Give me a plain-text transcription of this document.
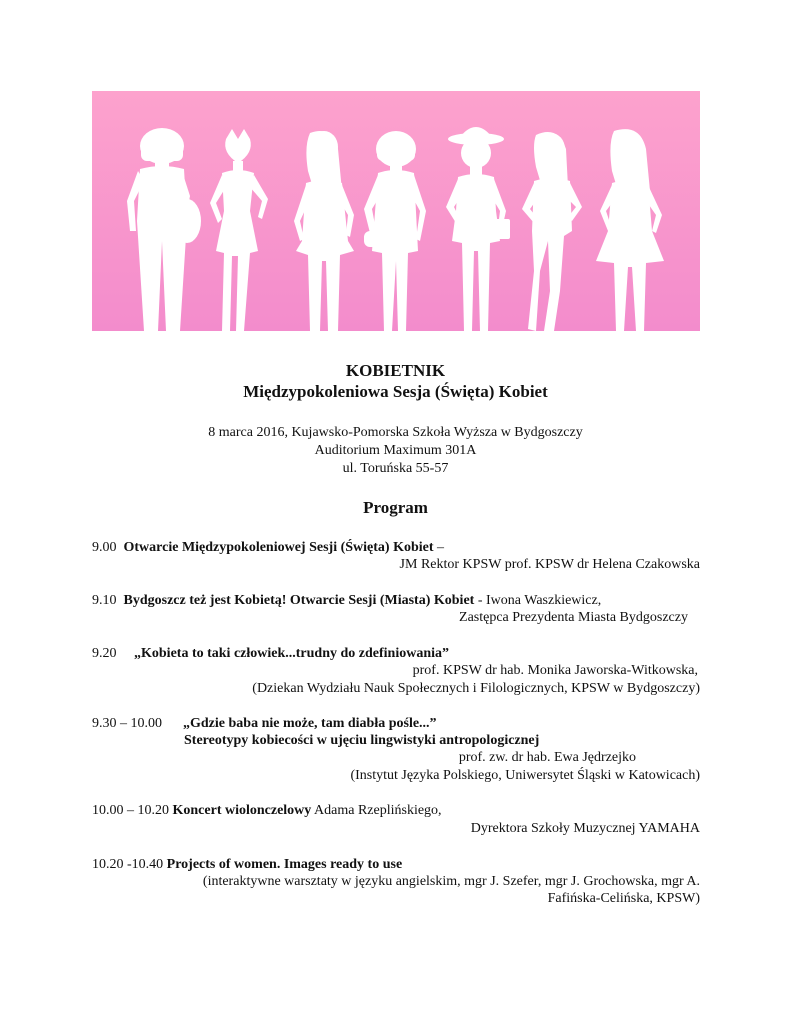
KOBIETNIK
Międzypokoleniowa Sesja (Święta) Kobiet
8 marca 2016, Kujawsko-Pomorska Szkoła Wyższa w Bydgoszczy
Auditorium Maximum 301A
ul. Toruńska 55-57
Program
9.00 Otwarcie Międzypokoleniowej Sesji (Święta) Kobiet –
JM Rektor KPSW prof. KPSW dr Helena Czakowska
9.10 Bydgoszcz też jest Kobietą! Otwarcie Sesji (Miasta) Kobiet - Iwona Waszkiewicz,
Zastępca Prezydenta Miasta Bydgoszczy
9.20 „Kobieta to taki człowiek...trudny do zdefiniowania”
prof. KPSW dr hab. Monika Jaworska-Witkowska,
(Dziekan Wydziału Nauk Społecznych i Filologicznych, KPSW w Bydgoszczy)
9.30 – 10.00 „Gdzie baba nie może, tam diabła pośle...”
Stereotypy kobiecości w ujęciu lingwistyki antropologicznej
prof. zw. dr hab. Ewa Jędrzejko
(Instytut Języka Polskiego, Uniwersytet Śląski w Katowicach)
10.00 – 10.20 Koncert wiolonczelowy Adama Rzeplińskiego,
Dyrektora Szkoły Muzycznej YAMAHA
10.20 -10.40 Projects of women. Images ready to use
(interaktywne warsztaty w języku angielskim, mgr J. Szefer, mgr J. Grochowska, mgr A.
Fafińska-Celińska, KPSW)
